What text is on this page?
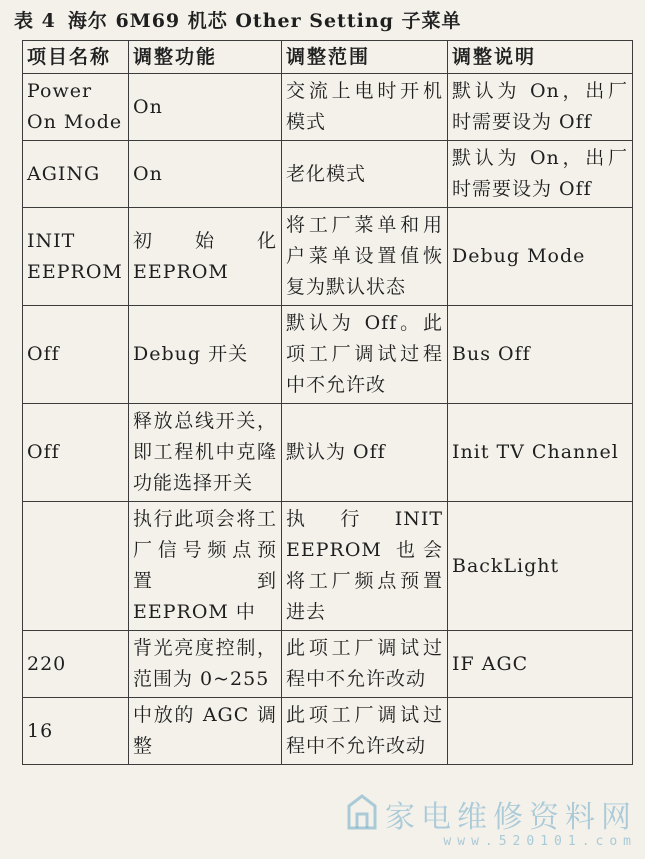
表 4 海尔 6M69 机芯 Other Setting 子菜单
项目名称	调整功能	调整范围	调整说明
Power On Mode	On	交流上电时开机模式	默认为 On，出厂时需要设为 Off
AGING	On	老化模式	默认为 On，出厂时需要设为 Off
INIT EEPROM	初 始 化 EEPROM	将工厂菜单和用户菜单设置值恢复为默认状态	Debug Mode
Off	Debug 开关	默认为 Off。此项工厂调试过程中不允许改	Bus Off
Off	释放总线开关，即工程机中克隆功能选择开关	默认为 Off	Init TV Channel
	执行此项会将工厂信号频点预 置 到 EEPROM 中	执 行 INIT EEPROM 也会将工厂频点预置进去	BackLight
220	背光亮度控制，范围为 0~255	此项工厂调试过程中不允许改动	IF AGC
16	中放的 AGC 调整	此项工厂调试过程中不允许改动	
家电维修资料网
www.520101.com
